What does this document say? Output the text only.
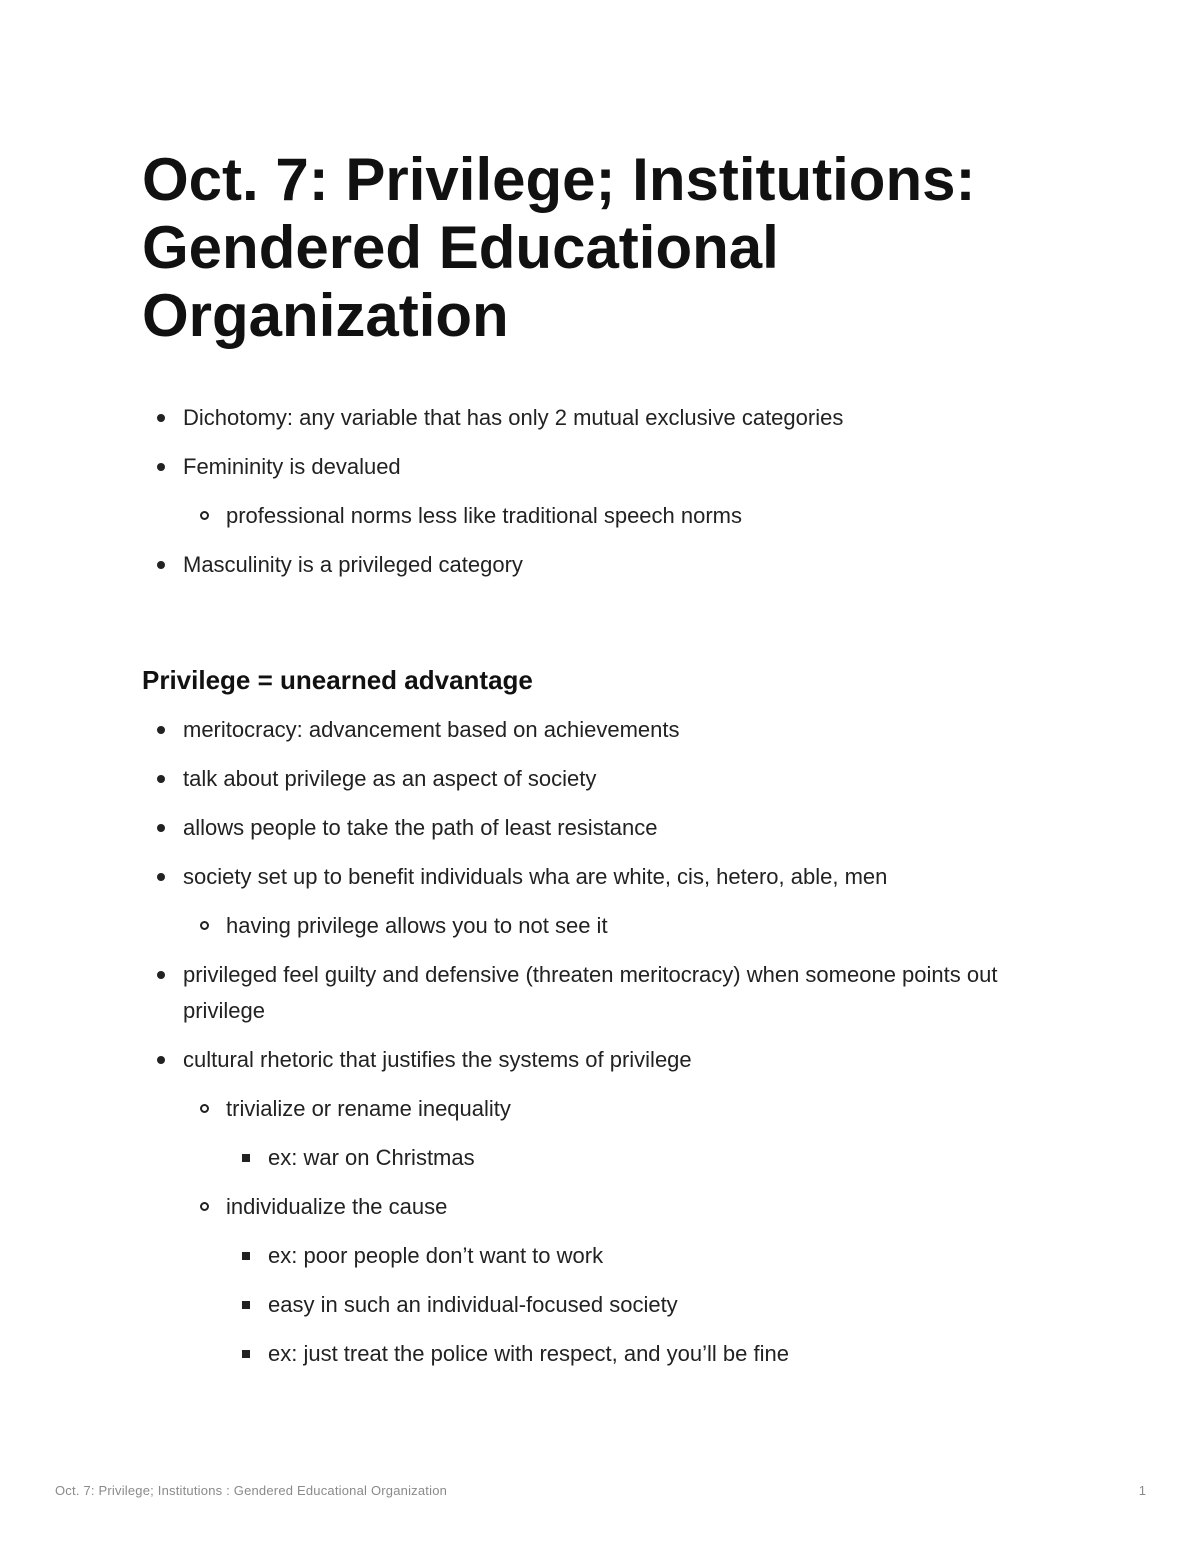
Oct. 7: Privilege; Institutions: Gendered Educational Organization
Dichotomy: any variable that has only 2 mutual exclusive categories
Femininity is devalued
professional norms less like traditional speech norms
Masculinity is a privileged category
Privilege = unearned advantage
meritocracy: advancement based on achievements
talk about privilege as an aspect of society
allows people to take the path of least resistance
society set up to benefit individuals wha are white, cis, hetero, able, men
having privilege allows you to not see it
privileged feel guilty and defensive (threaten meritocracy) when someone points out privilege
cultural rhetoric that justifies the systems of privilege
trivialize or rename inequality
ex: war on Christmas
individualize the cause
ex: poor people don’t want to work
easy in such an individual-focused society
ex: just treat the police with respect, and you’ll be fine
Oct. 7: Privilege; Institutions : Gendered Educational Organization	1
